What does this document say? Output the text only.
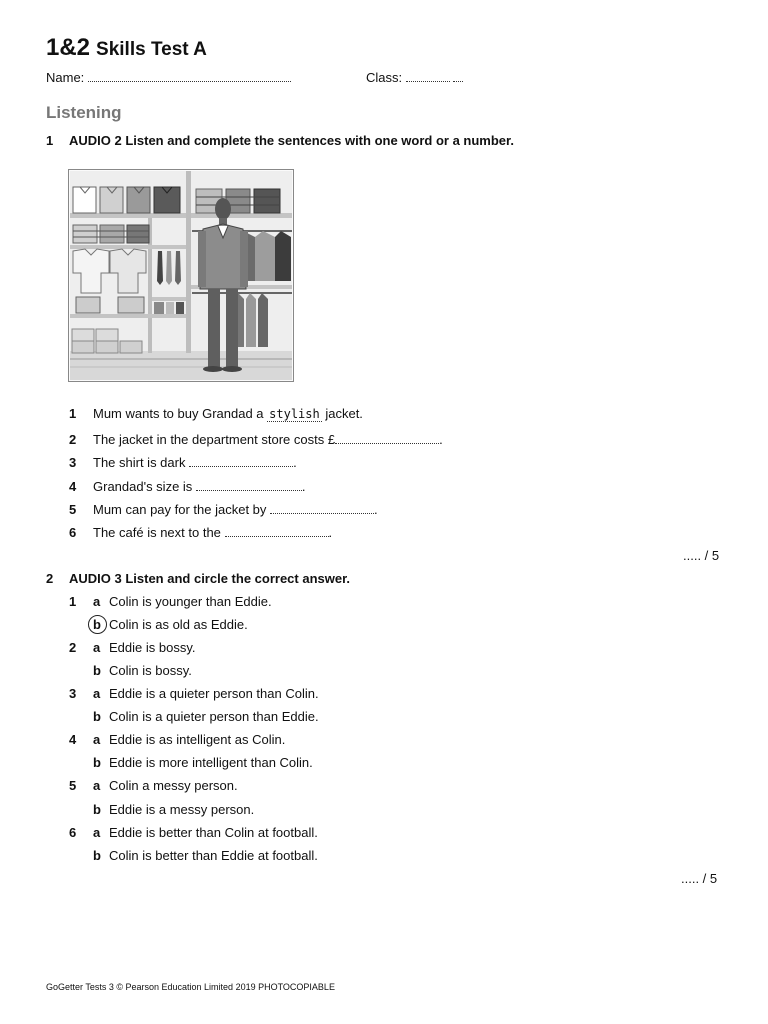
1&2 Skills Test A
Name:	Class:
Listening
1 AUDIO 2 Listen and complete the sentences with one word or a number.
1 Mum wants to buy Grandad a stylish jacket.
2 The jacket in the department store costs £	.
3 The shirt is dark	.
4 Grandad's size is	.
5 Mum can pay for the jacket by	.
6 The café is next to the	.
..... / 5
2 AUDIO 3 Listen and circle the correct answer.
1 a Colin is younger than Eddie.
b Colin is as old as Eddie.
2 a Eddie is bossy.
b Colin is bossy.
3 a Eddie is a quieter person than Colin.
b Colin is a quieter person than Eddie.
4 a Eddie is as intelligent as Colin.
b Eddie is more intelligent than Colin.
5 a Colin a messy person.
b Eddie is a messy person.
6 a Eddie is better than Colin at football.
b Colin is better than Eddie at football.
..... / 5
GoGetter Tests 3 © Pearson Education Limited 2019 PHOTOCOPIABLE
